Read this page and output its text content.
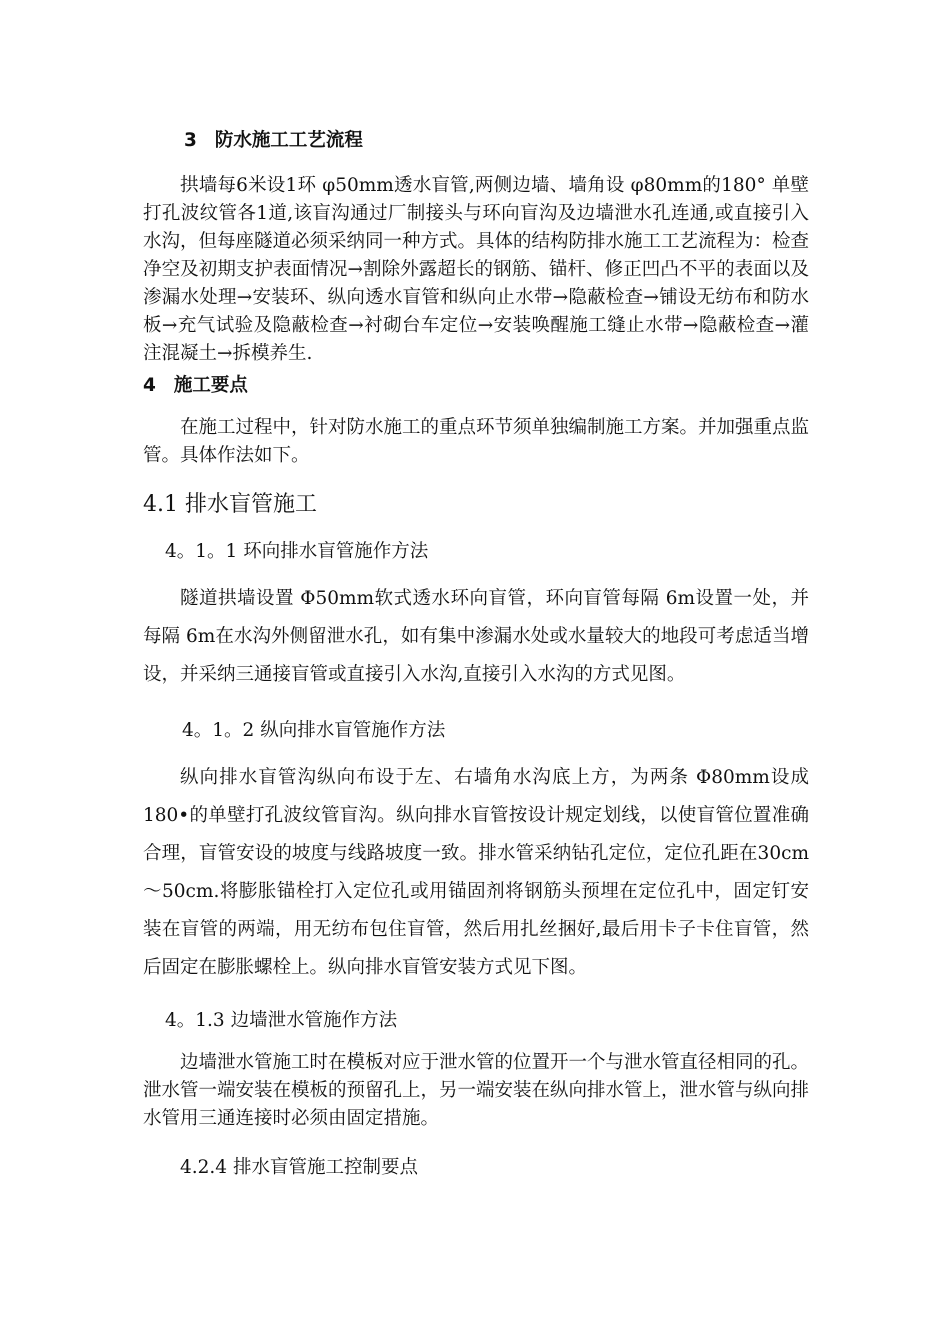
3 防水施工工艺流程

拱墙每6米设1环 φ50mm透水盲管,两侧边墙、墙角设 φ80mm的180° 单壁打孔波纹管各1道,该盲沟通过厂制接头与环向盲沟及边墙泄水孔连通,或直接引入水沟，但每座隧道必须采纳同一种方式。具体的结构防排水施工工艺流程为：检查净空及初期支护表面情况→割除外露超长的钢筋、锚杆、修正凹凸不平的表面以及渗漏水处理→安装环、纵向透水盲管和纵向止水带→隐蔽检查→铺设无纺布和防水板→充气试验及隐蔽检查→衬砌台车定位→安装唤醒施工缝止水带→隐蔽检查→灌注混凝土→拆模养生.

4 施工要点

在施工过程中，针对防水施工的重点环节须单独编制施工方案。并加强重点监管。具体作法如下。

4.1 排水盲管施工
4。1。1 环向排水盲管施作方法

隧道拱墙设置 Φ50mm软式透水环向盲管，环向盲管每隔 6m设置一处，并每隔 6m在水沟外侧留泄水孔，如有集中渗漏水处或水量较大的地段可考虑适当增设，并采纳三通接盲管或直接引入水沟,直接引入水沟的方式见图。

4。1。2 纵向排水盲管施作方法

纵向排水盲管沟纵向布设于左、右墙角水沟底上方，为两条 Φ80mm设成180•的单壁打孔波纹管盲沟。纵向排水盲管按设计规定划线，以使盲管位置准确合理，盲管安设的坡度与线路坡度一致。排水管采纳钻孔定位，定位孔距在30cm～50cm.将膨胀锚栓打入定位孔或用锚固剂将钢筋头预埋在定位孔中，固定钉安装在盲管的两端，用无纺布包住盲管，然后用扎丝捆好,最后用卡子卡住盲管，然后固定在膨胀螺栓上。纵向排水盲管安装方式见下图。

4。1.3 边墙泄水管施作方法

边墙泄水管施工时在模板对应于泄水管的位置开一个与泄水管直径相同的孔。泄水管一端安装在模板的预留孔上，另一端安装在纵向排水管上，泄水管与纵向排水管用三通连接时必须由固定措施。

4.2.4 排水盲管施工控制要点
